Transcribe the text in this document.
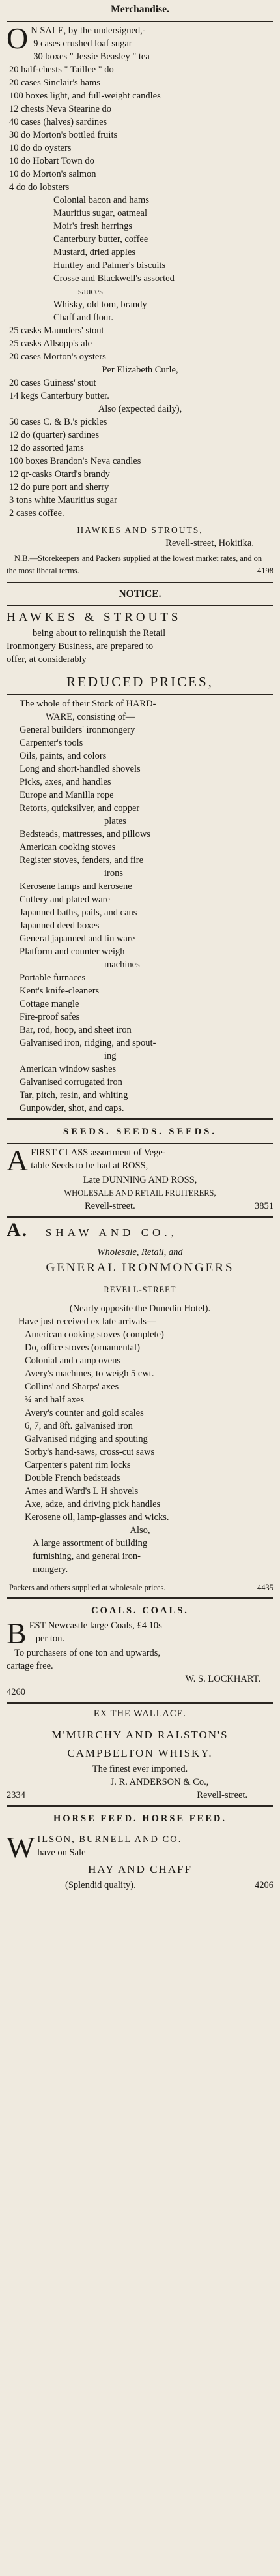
Merchandise.
O N SALE, by the undersigned,-
9 cases crushed loaf sugar
30 boxes " Jessie Beasley " tea
20 half-chests " Taillee " do
20 cases Sinclair's hams
100 boxes light, and full-weight candles
12 chests Neva Stearine do
40 cases (halves) sardines
30 do Morton's bottled fruits
10 do do oysters
10 do Hobart Town do
10 do Morton's salmon
4 do do lobsters
Colonial bacon and hams
Mauritius sugar, oatmeal
Moir's fresh herrings
Canterbury butter, coffee
Mustard, dried apples
Huntley and Palmer's biscuits
Crosse and Blackwell's assorted
sauces
Whisky, old tom, brandy
Chaff and flour.
25 casks Maunders' stout
25 casks Allsopp's ale
20 cases Morton's oysters
Per Elizabeth Curle,
20 cases Guiness' stout
14 kegs Canterbury butter.
Also (expected daily),
50 cases C. & B.'s pickles
12 do (quarter) sardines
12 do assorted jams
100 boxes Brandon's Neva candles
12 qr-casks Otard's brandy
12 do pure port and sherry
3 tons white Mauritius sugar
2 cases coffee.
HAWKES AND STROUTS,
Revell-street, Hokitika.
N.B.—Storekeepers and Packers supplied at the lowest market rates, and on the most liberal terms.	4198
NOTICE.
HAWKES & STROUTS
being about to relinquish the Retail
Ironmongery Business, are prepared to
offer, at considerably
REDUCED PRICES,
The whole of their Stock of HARD-
WARE, consisting of—
General builders' ironmongery
Carpenter's tools
Oils, paints, and colors
Long and short-handled shovels
Picks, axes, and handles
Europe and Manilla rope
Retorts, quicksilver, and copper
plates
Bedsteads, mattresses, and pillows
American cooking stoves
Register stoves, fenders, and fire
irons
Kerosene lamps and kerosene
Cutlery and plated ware
Japanned baths, pails, and cans
Japanned deed boxes
General japanned and tin ware
Platform and counter weigh
machines
Portable furnaces
Kent's knife-cleaners
Cottage mangle
Fire-proof safes
Bar, rod, hoop, and sheet iron
Galvanised iron, ridging, and spout-
ing
American window sashes
Galvanised corrugated iron
Tar, pitch, resin, and whiting
Gunpowder, shot, and caps.
SEEDS. SEEDS. SEEDS.
A FIRST CLASS assortment of Vege-
table Seeds to be had at ROSS,
Late DUNNING AND ROSS,
WHOLESALE AND RETAIL FRUITERERS,
Revell-street.	3851
A. SHAW AND CO.,
Wholesale, Retail, and
GENERAL IRONMONGERS
REVELL-STREET
(Nearly opposite the Dunedin Hotel).
Have just received ex late arrivals—
American cooking stoves (complete)
Do, office stoves (ornamental)
Colonial and camp ovens
Avery's machines, to weigh 5 cwt.
Collins' and Sharps' axes
¾ and half axes
Avery's counter and gold scales
6, 7, and 8ft. galvanised iron
Galvanised ridging and spouting
Sorby's hand-saws, cross-cut saws
Carpenter's patent rim locks
Double French bedsteads
Ames and Ward's L H shovels
Axe, adze, and driving pick handles
Kerosene oil, lamp-glasses and wicks.
Also,
A large assortment of building
furnishing, and general iron-
mongery.
Packers and others supplied at wholesale prices.	4435
COALS. COALS.
B EST Newcastle large Coals, £4 10s
per ton.
To purchasers of one ton and upwards,
cartage free.
W. S. LOCKHART.
4260
EX THE WALLACE.
M'MURCHY AND RALSTON'S
CAMPBELTON WHISKY.
The finest ever imported.
J. R. ANDERSON & Co.,
2334	Revell-street.
HORSE FEED. HORSE FEED.
W ILSON, BURNELL AND CO.
have on Sale
HAY AND CHAFF
(Splendid quality).	4206
